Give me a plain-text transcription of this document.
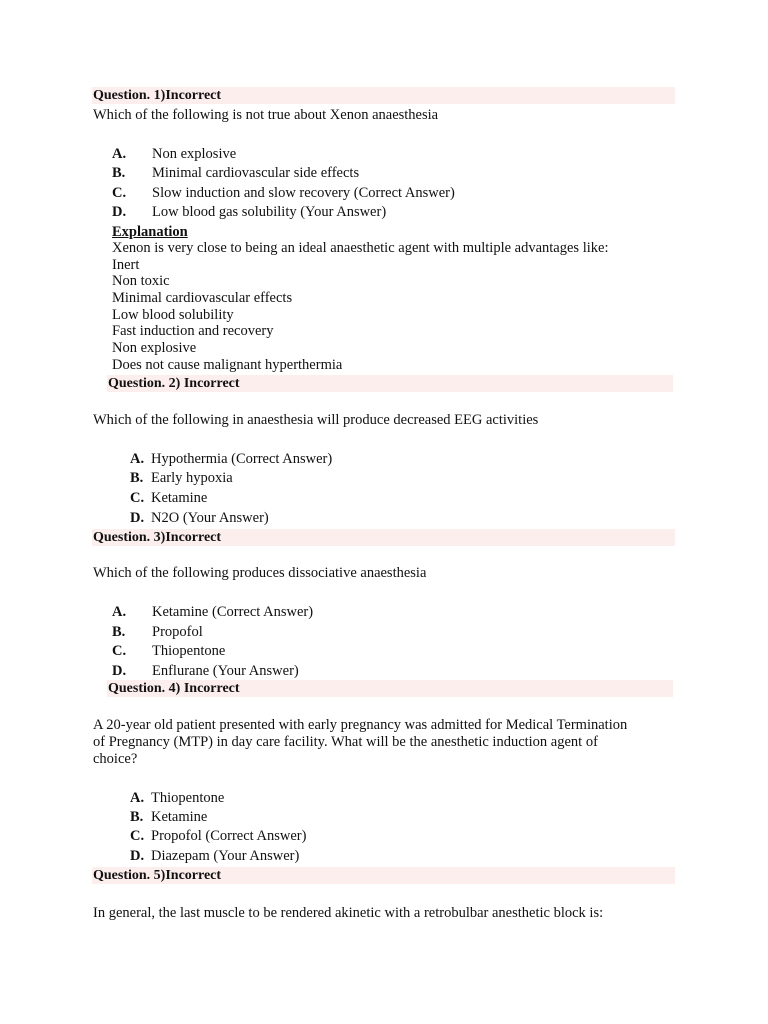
Question. 1)Incorrect
Which of the following is not true about Xenon anaesthesia
A. Non explosive
B. Minimal cardiovascular side effects
C. Slow induction and slow recovery (Correct Answer)
D. Low blood gas solubility (Your Answer)
Explanation
Xenon is very close to being an ideal anaesthetic agent with multiple advantages like:
Inert
Non toxic
Minimal cardiovascular effects
Low blood solubility
Fast induction and recovery
Non explosive
Does not cause malignant hyperthermia
Question. 2) Incorrect
Which of the following in anaesthesia will produce decreased EEG activities
A. Hypothermia (Correct Answer)
B. Early hypoxia
C. Ketamine
D. N2O (Your Answer)
Question. 3)Incorrect
Which of the following produces dissociative anaesthesia
A. Ketamine (Correct Answer)
B. Propofol
C. Thiopentone
D. Enflurane (Your Answer)
Question. 4) Incorrect
A 20-year old patient presented with early pregnancy was admitted for Medical Termination
of Pregnancy (MTP) in day care facility. What will be the anesthetic induction agent of
choice?
A. Thiopentone
B. Ketamine
C. Propofol (Correct Answer)
D. Diazepam (Your Answer)
Question. 5)Incorrect
In general, the last muscle to be rendered akinetic with a retrobulbar anesthetic block is:
